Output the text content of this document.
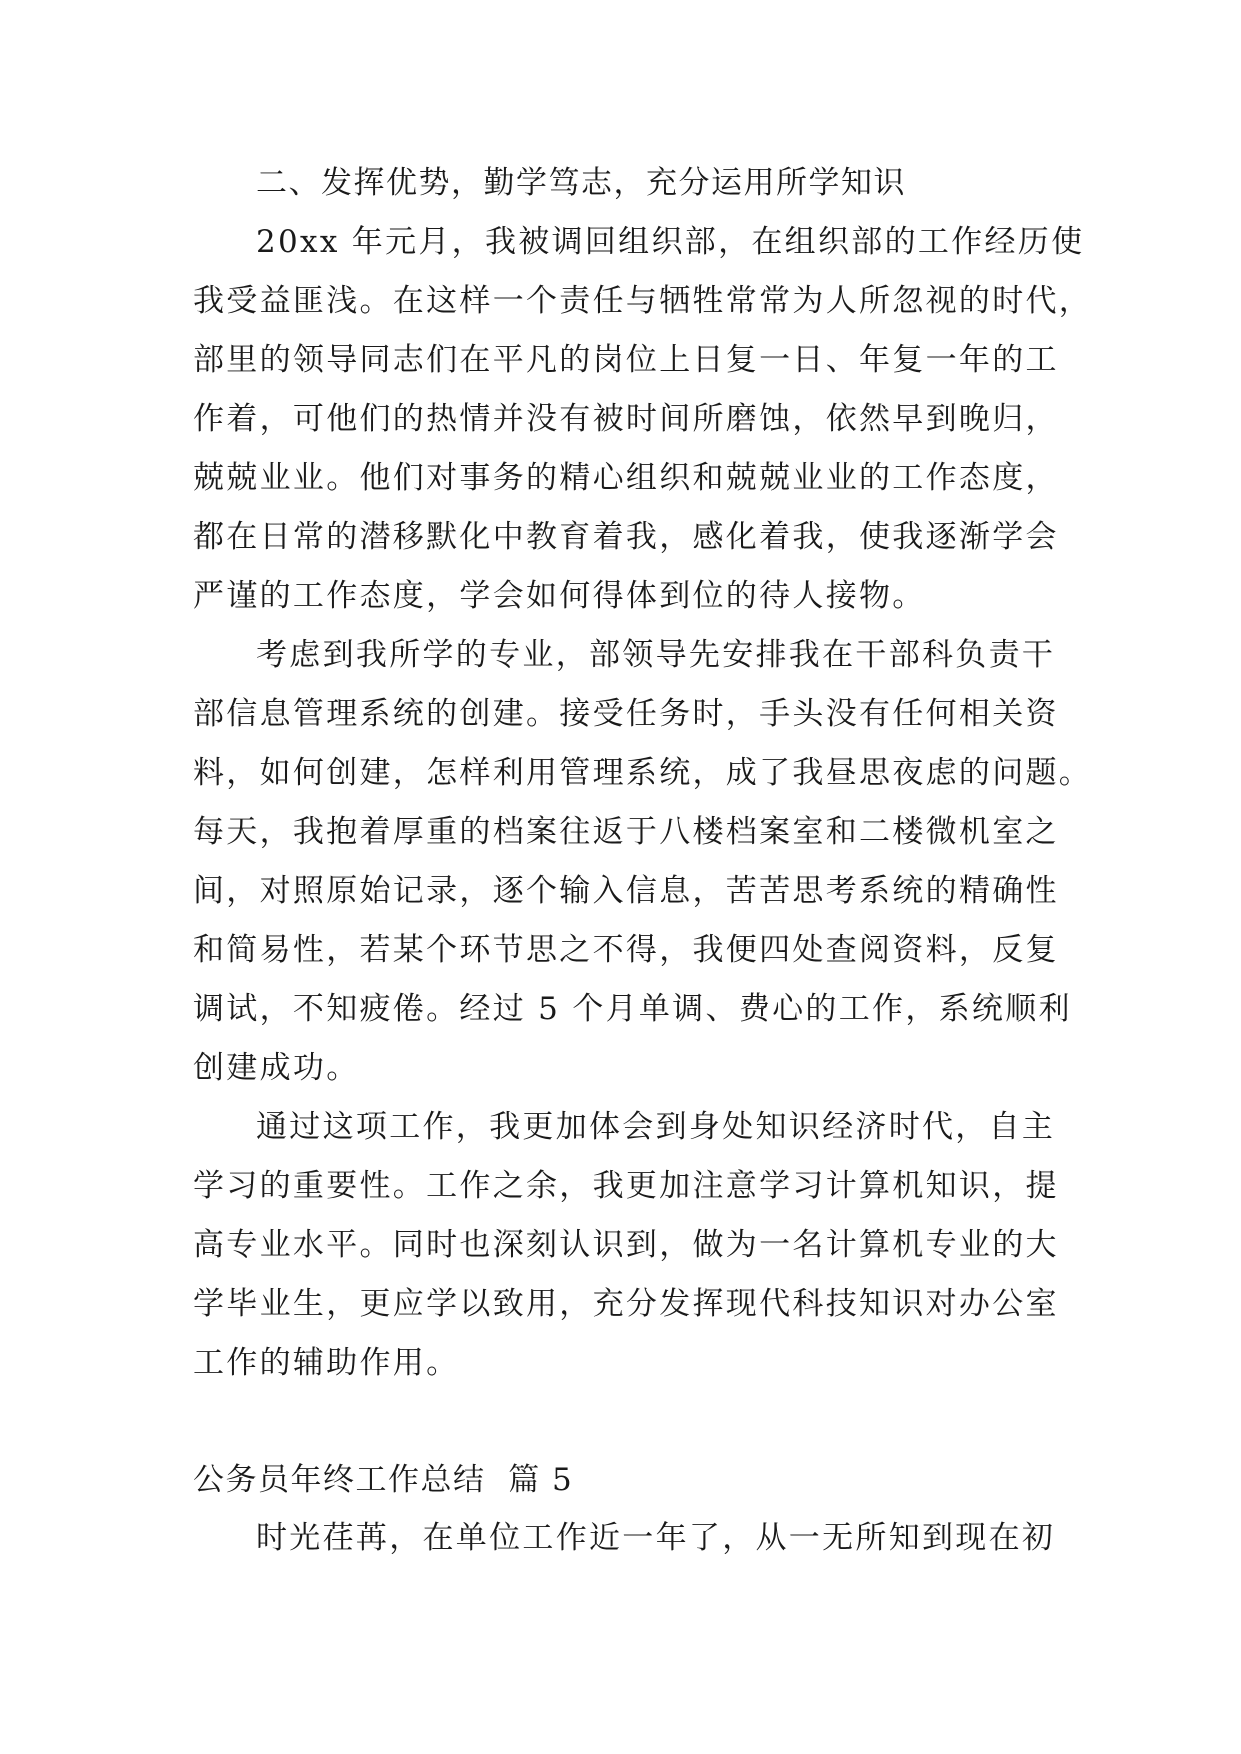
二、发挥优势，勤学笃志，充分运用所学知识
20xx 年元月，我被调回组织部，在组织部的工作经历使
我受益匪浅。在这样一个责任与牺牲常常为人所忽视的时代，
部里的领导同志们在平凡的岗位上日复一日、年复一年的工
作着，可他们的热情并没有被时间所磨蚀，依然早到晚归，
兢兢业业。他们对事务的精心组织和兢兢业业的工作态度，
都在日常的潜移默化中教育着我，感化着我，使我逐渐学会
严谨的工作态度，学会如何得体到位的待人接物。
考虑到我所学的专业，部领导先安排我在干部科负责干
部信息管理系统的创建。接受任务时，手头没有任何相关资
料，如何创建，怎样利用管理系统，成了我昼思夜虑的问题。
每天，我抱着厚重的档案往返于八楼档案室和二楼微机室之
间，对照原始记录，逐个输入信息，苦苦思考系统的精确性
和简易性，若某个环节思之不得，我便四处查阅资料，反复
调试，不知疲倦。经过 5 个月单调、费心的工作，系统顺利
创建成功。
通过这项工作，我更加体会到身处知识经济时代，自主
学习的重要性。工作之余，我更加注意学习计算机知识，提
高专业水平。同时也深刻认识到，做为一名计算机专业的大
学毕业生，更应学以致用，充分发挥现代科技知识对办公室
工作的辅助作用。
公务员年终工作总结  篇 5
时光荏苒，在单位工作近一年了，从一无所知到现在初
